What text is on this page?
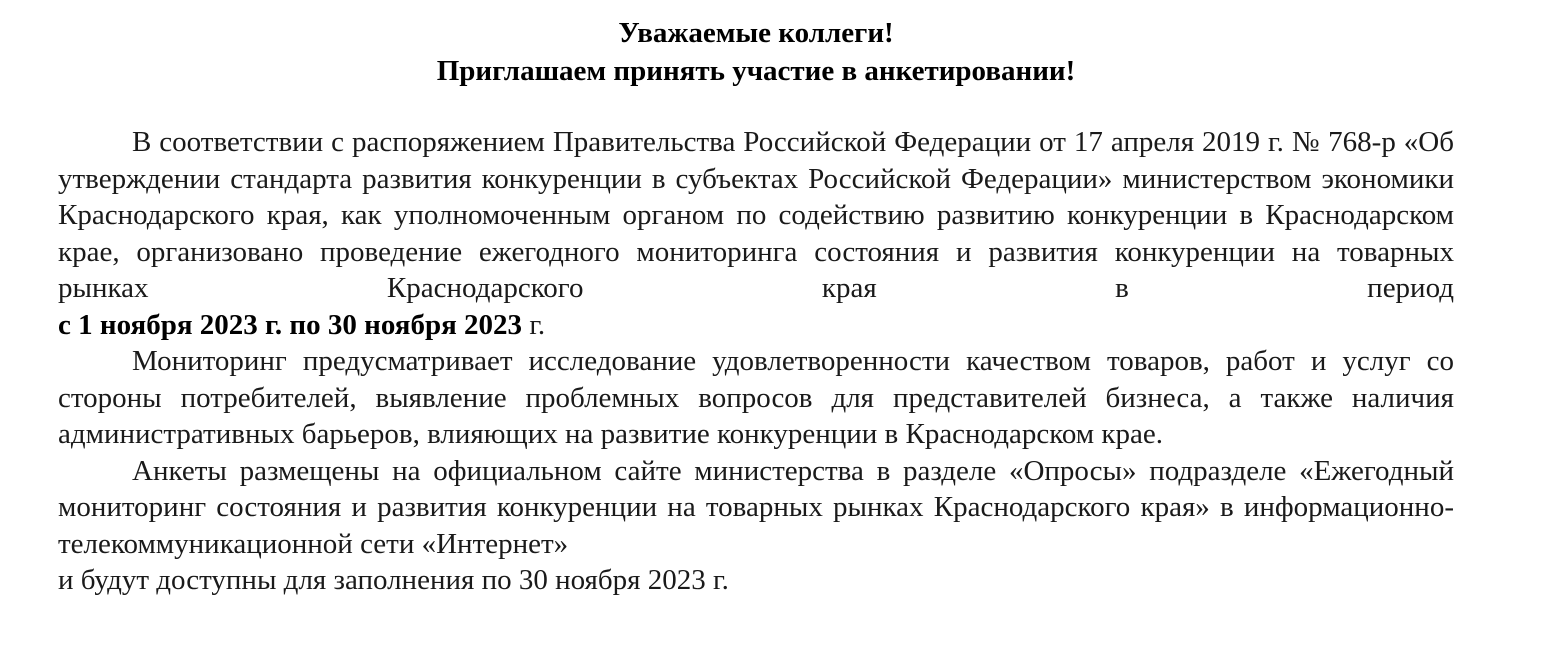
Уважаемые коллеги!

Приглашаем принять участие в анкетировании!

В соответствии с распоряжением Правительства Российской Федерации от 17 апреля 2019 г. № 768-р «Об утверждении стандарта развития конкуренции в субъектах Российской Федерации» министерством экономики Краснодарского края, как уполномоченным органом по содействию развитию конкуренции в Краснодарском крае, организовано проведение ежегодного мониторинга состояния и развития конкуренции на товарных рынках Краснодарского края в период
с 1 ноября 2023 г. по 30 ноября 2023 г.

Мониторинг предусматривает исследование удовлетворенности качеством товаров, работ и услуг со стороны потребителей, выявление проблемных вопросов для представителей бизнеса, а также наличия административных барьеров, влияющих на развитие конкуренции в Краснодарском крае.

Анкеты размещены на официальном сайте министерства в разделе «Опросы» подразделе «Ежегодный мониторинг состояния и развития конкуренции на товарных рынках Краснодарского края» в информационно-телекоммуникационной сети «Интернет»

и будут доступны для заполнения по 30 ноября 2023 г.
